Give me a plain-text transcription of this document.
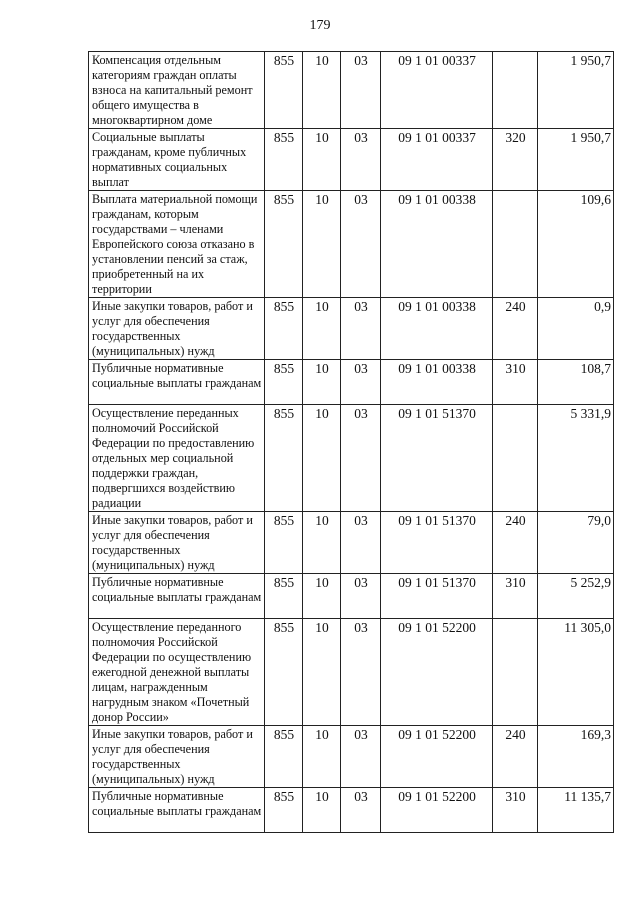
179
Компенсация отдельным категориям граждан оплаты взноса на капитальный ремонт общего имущества в многоквартирном доме	855	10	03	09 1 01 00337		1 950,7
Социальные выплаты гражданам, кроме публичных нормативных социальных выплат	855	10	03	09 1 01 00337	320	1 950,7
Выплата материальной помощи гражданам, которым государствами – членами Европейского союза отказано в установлении пенсий за стаж, приобретенный на их территории	855	10	03	09 1 01 00338		109,6
Иные закупки товаров, работ и услуг для обеспечения государственных (муниципальных) нужд	855	10	03	09 1 01 00338	240	0,9
Публичные нормативные социальные выплаты гражданам	855	10	03	09 1 01 00338	310	108,7
Осуществление переданных полномочий Российской Федерации по предоставлению отдельных мер социальной поддержки граждан, подвергшихся воздействию радиации	855	10	03	09 1 01 51370		5 331,9
Иные закупки товаров, работ и услуг для обеспечения государственных (муниципальных) нужд	855	10	03	09 1 01 51370	240	79,0
Публичные нормативные социальные выплаты гражданам	855	10	03	09 1 01 51370	310	5 252,9
Осуществление переданного полномочия Российской Федерации по осуществлению ежегодной денежной выплаты лицам, награжденным нагрудным знаком «Почетный донор России»	855	10	03	09 1 01 52200		11 305,0
Иные закупки товаров, работ и услуг для обеспечения государственных (муниципальных) нужд	855	10	03	09 1 01 52200	240	169,3
Публичные нормативные социальные выплаты гражданам	855	10	03	09 1 01 52200	310	11 135,7
